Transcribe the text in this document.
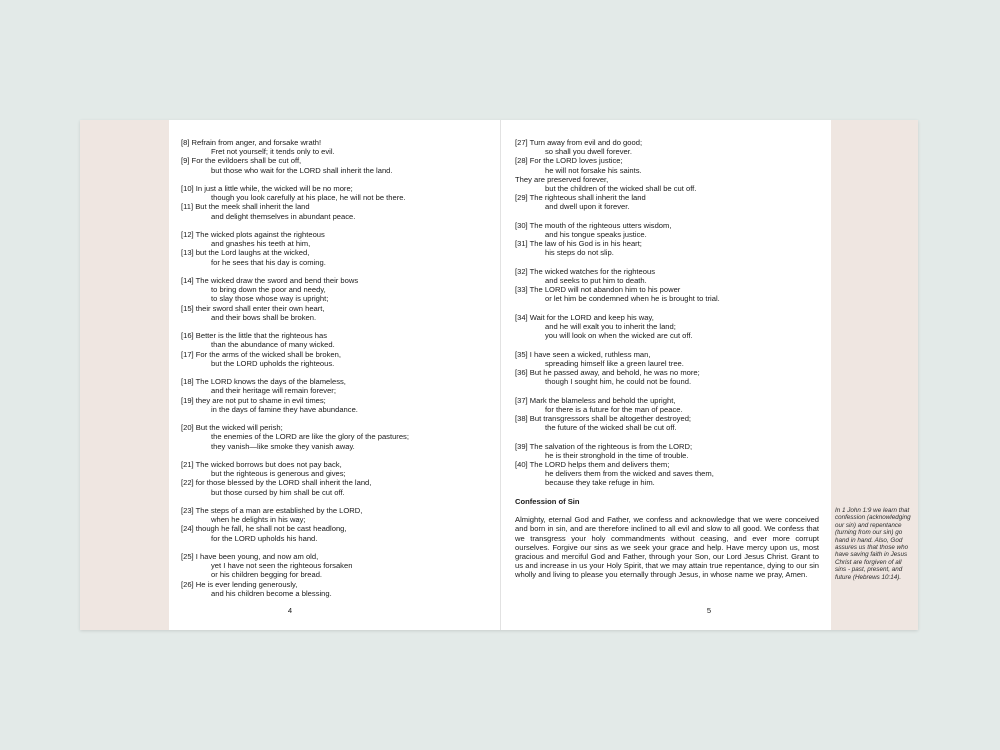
[8] Refrain from anger, and forsake wrath!
Fret not yourself; it tends only to evil.
[9] For the evildoers shall be cut off,
but those who wait for the LORD shall inherit the land.
[10] In just a little while, the wicked will be no more;
though you look carefully at his place, he will not be there.
[11] But the meek shall inherit the land
and delight themselves in abundant peace.
[12] The wicked plots against the righteous
and gnashes his teeth at him,
[13] but the Lord laughs at the wicked,
for he sees that his day is coming.
[14] The wicked draw the sword and bend their bows
to bring down the poor and needy,
to slay those whose way is upright;
[15] their sword shall enter their own heart,
and their bows shall be broken.
[16] Better is the little that the righteous has
than the abundance of many wicked.
[17] For the arms of the wicked shall be broken,
but the LORD upholds the righteous.
[18] The LORD knows the days of the blameless,
and their heritage will remain forever;
[19] they are not put to shame in evil times;
in the days of famine they have abundance.
[20] But the wicked will perish;
the enemies of the LORD are like the glory of the pastures;
they vanish—like smoke they vanish away.
[21] The wicked borrows but does not pay back,
but the righteous is generous and gives;
[22] for those blessed by the LORD shall inherit the land,
but those cursed by him shall be cut off.
[23] The steps of a man are established by the LORD,
when he delights in his way;
[24] though he fall, he shall not be cast headlong,
for the LORD upholds his hand.
[25] I have been young, and now am old,
yet I have not seen the righteous forsaken
or his children begging for bread.
[26] He is ever lending generously,
and his children become a blessing.
[27] Turn away from evil and do good;
so shall you dwell forever.
[28] For the LORD loves justice;
he will not forsake his saints.
They are preserved forever,
but the children of the wicked shall be cut off.
[29] The righteous shall inherit the land
and dwell upon it forever.
[30] The mouth of the righteous utters wisdom,
and his tongue speaks justice.
[31] The law of his God is in his heart;
his steps do not slip.
[32] The wicked watches for the righteous
and seeks to put him to death.
[33] The LORD will not abandon him to his power
or let him be condemned when he is brought to trial.
[34] Wait for the LORD and keep his way,
and he will exalt you to inherit the land;
you will look on when the wicked are cut off.
[35] I have seen a wicked, ruthless man,
spreading himself like a green laurel tree.
[36] But he passed away, and behold, he was no more;
though I sought him, he could not be found.
[37] Mark the blameless and behold the upright,
for there is a future for the man of peace.
[38] But transgressors shall be altogether destroyed;
the future of the wicked shall be cut off.
[39] The salvation of the righteous is from the LORD;
he is their stronghold in the time of trouble.
[40] The LORD helps them and delivers them;
he delivers them from the wicked and saves them,
because they take refuge in him.
Confession of Sin
Almighty, eternal God and Father, we confess and acknowledge that we were conceived and born in sin, and are therefore inclined to all evil and slow to all good. We confess that we transgress your holy commandments without ceasing, and ever more corrupt ourselves. Forgive our sins as we seek your grace and help. Have mercy upon us, most gracious and merciful God and Father, through your Son, our Lord Jesus Christ. Grant to us and increase in us your Holy Spirit, that we may attain true repentance, dying to our sin wholly and living to please you eternally through Jesus, in whose name we pray, Amen.
4	5
In 1 John 1:9 we learn that confession (acknowledging our sin) and repentance (turning from our sin) go hand in hand. Also, God assures us that those who have saving faith in Jesus Christ are forgiven of all sins - past, present, and future (Hebrews 10:14).
